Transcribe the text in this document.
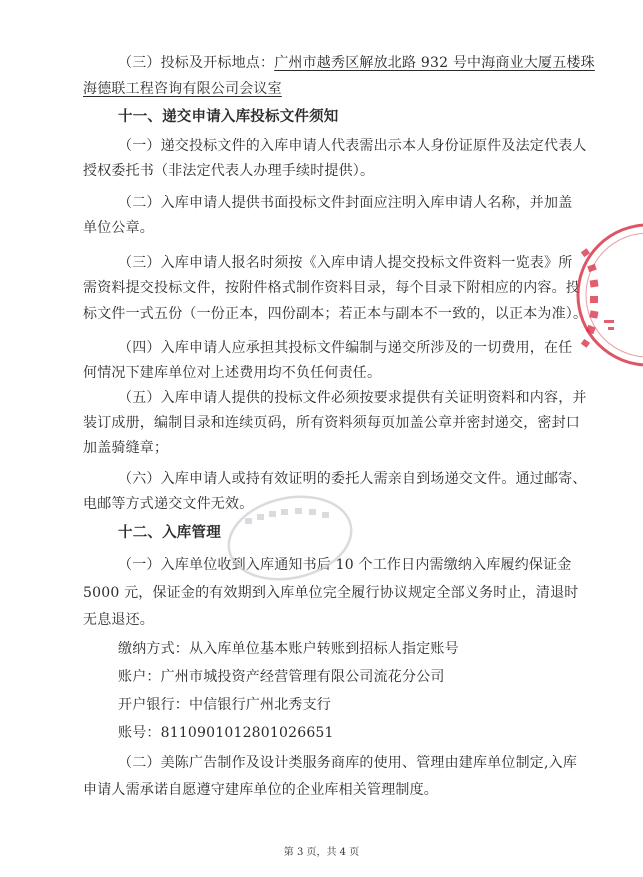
（三）投标及开标地点：广州市越秀区解放北路 932 号中海商业大厦五楼珠
海德联工程咨询有限公司会议室
十一、递交申请入库投标文件须知
（一）递交投标文件的入库申请人代表需出示本人身份证原件及法定代表人
授权委托书（非法定代表人办理手续时提供）。
（二）入库申请人提供书面投标文件封面应注明入库申请人名称，并加盖
单位公章。
（三）入库申请人报名时须按《入库申请人提交投标文件资料一览表》所
需资料提交投标文件，按附件格式制作资料目录，每个目录下附相应的内容。投
标文件一式五份（一份正本，四份副本；若正本与副本不一致的，以正本为准）。
（四）入库申请人应承担其投标文件编制与递交所涉及的一切费用，在任
何情况下建库单位对上述费用均不负任何责任。
（五）入库申请人提供的投标文件必须按要求提供有关证明资料和内容，并
装订成册，编制目录和连续页码，所有资料须每页加盖公章并密封递交，密封口
加盖骑缝章；
（六）入库申请人或持有效证明的委托人需亲自到场递交文件。通过邮寄、
电邮等方式递交文件无效。
十二、入库管理
（一）入库单位收到入库通知书后 10 个工作日内需缴纳入库履约保证金
5000 元，保证金的有效期到入库单位完全履行协议规定全部义务时止，清退时
无息退还。
缴纳方式：从入库单位基本账户转账到招标人指定账号
账户：广州市城投资产经营管理有限公司流花分公司
开户银行：中信银行广州北秀支行
账号：8110901012801026651
（二）美陈广告制作及设计类服务商库的使用、管理由建库单位制定,入库
申请人需承诺自愿遵守建库单位的企业库相关管理制度。
第 3 页，共 4 页
